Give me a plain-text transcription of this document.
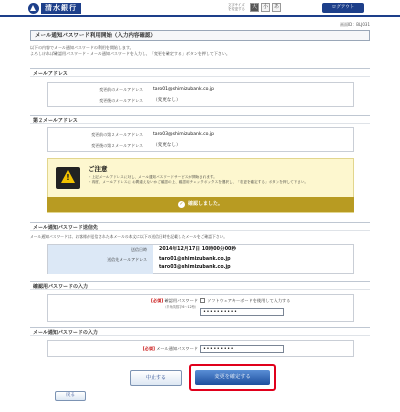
清水銀行	文字サイズを変更する	大	小	あ	ログアウト
画面ID：BLJ031
メール通知パスワード利用開始（入力内容確認）
以下の内容でメール通知パスワードの利用を開始します。
よろしければ確認用パスワード・メール通知パスワードを入力し、「変更を確定する」ボタンを押して下さい。
メールアドレス
変更前のメールアドレス	taro01@shimizubank.co.jp
変更後のメールアドレス	（変更なし）
第２メールアドレス
変更前の第２メールアドレス	taro03@shimizubank.co.jp
変更後の第２メールアドレス	（変更なし）
!
ご注意
・ 上記メールアドレスに対し、メール通知パスワードサービスが開始されます。
・ 再度、メールアドレスに お間違えないかご確認の上、確認用チェックボックスを選択し、「変更を確定する」ボタンを押して下さい。
✓ 確認しました。
メール通知パスワード送信先
メール通知パスワードは、お客様が送信された本メールの本文に以下の送信日時を記載したメールをご確認下さい。
送信日時	2014年12月17日 10時00分00秒
送信先メールアドレス	taro01@shimizubank.co.jp
taro03@shimizubank.co.jp
確認用パスワードの入力
[必須] 確認用パスワード
（半角英数字6～12桁）
ソフトウェアキーボードを使用して入力する
••••••••••
メール通知パスワードの入力
[必須] メール通知パスワード	•••••••••
中止する	変更を確定する
戻る
